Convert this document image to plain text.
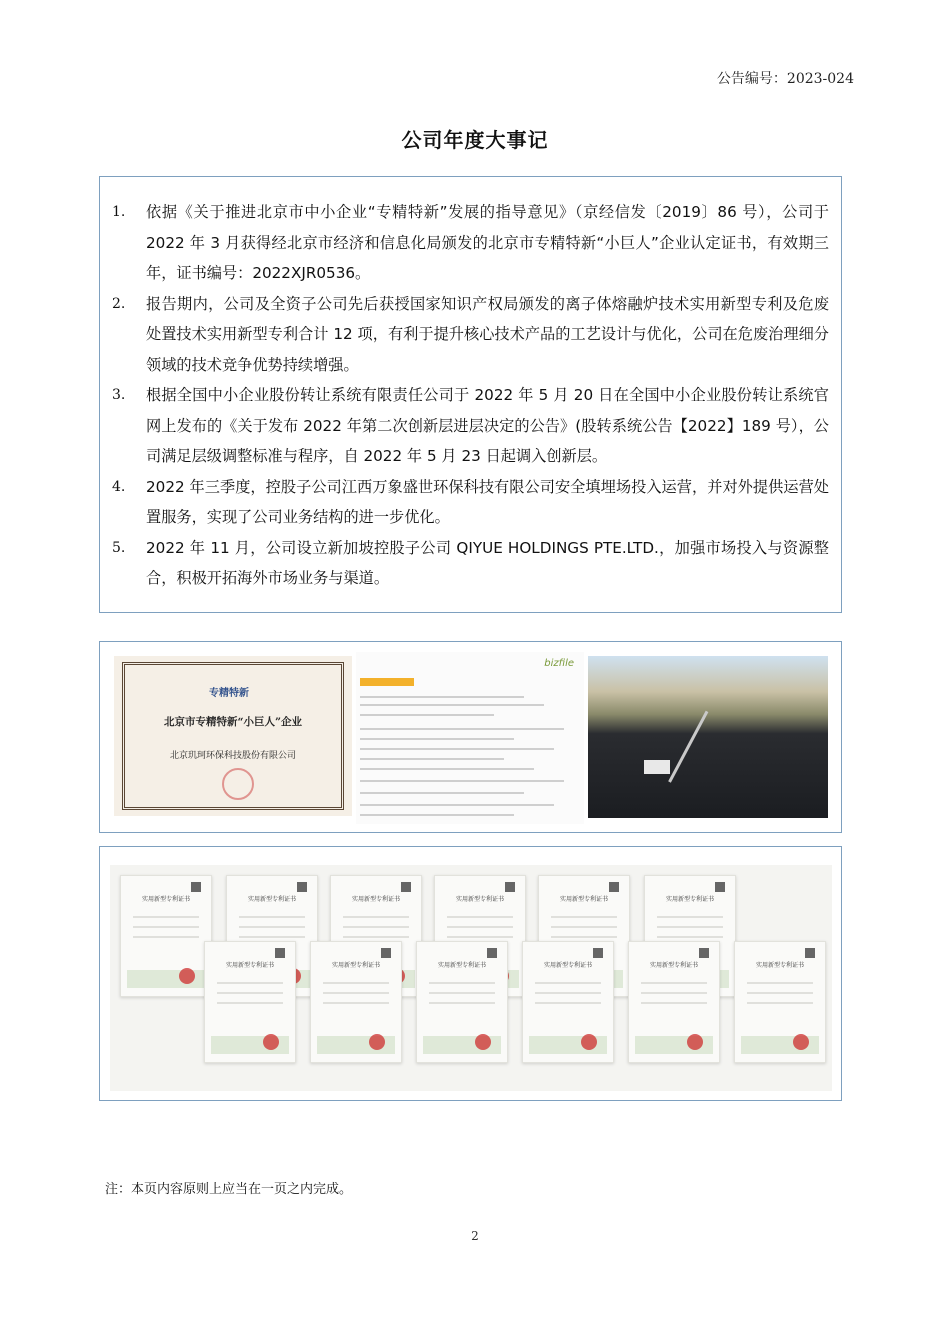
公告编号：2023-024
公司年度大事记
1. 依据《关于推进北京市中小企业“专精特新”发展的指导意见》（京经信发〔2019〕86 号），公司于 2022 年 3 月获得经北京市经济和信息化局颁发的北京市专精特新“小巨人”企业认定证书，有效期三年，证书编号：2022XJR0536。
2. 报告期内，公司及全资子公司先后获授国家知识产权局颁发的离子体熔融炉技术实用新型专利及危废处置技术实用新型专利合计 12 项，有利于提升核心技术产品的工艺设计与优化，公司在危废治理细分领域的技术竞争优势持续增强。
3. 根据全国中小企业股份转让系统有限责任公司于 2022 年 5 月 20 日在全国中小企业股份转让系统官网上发布的《关于发布 2022 年第二次创新层进层决定的公告》(股转系统公告【2022】189 号），公司满足层级调整标准与程序，自 2022 年 5 月 23 日起调入创新层。
4. 2022 年三季度，控股子公司江西万象盛世环保科技有限公司安全填埋场投入运营，并对外提供运营处置服务，实现了公司业务结构的进一步优化。
5. 2022 年 11 月，公司设立新加坡控股子公司 QIYUE HOLDINGS PTE.LTD.，加强市场投入与资源整合，积极开拓海外市场业务与渠道。
专精特新
北京市专精特新“小巨人”企业
北京玑珂环保科技股份有限公司
bizfile
实用新型专利证书	实用新型专利证书	实用新型专利证书	实用新型专利证书	实用新型专利证书	实用新型专利证书
实用新型专利证书	实用新型专利证书	实用新型专利证书	实用新型专利证书	实用新型专利证书	实用新型专利证书
注：本页内容原则上应当在一页之内完成。
2
